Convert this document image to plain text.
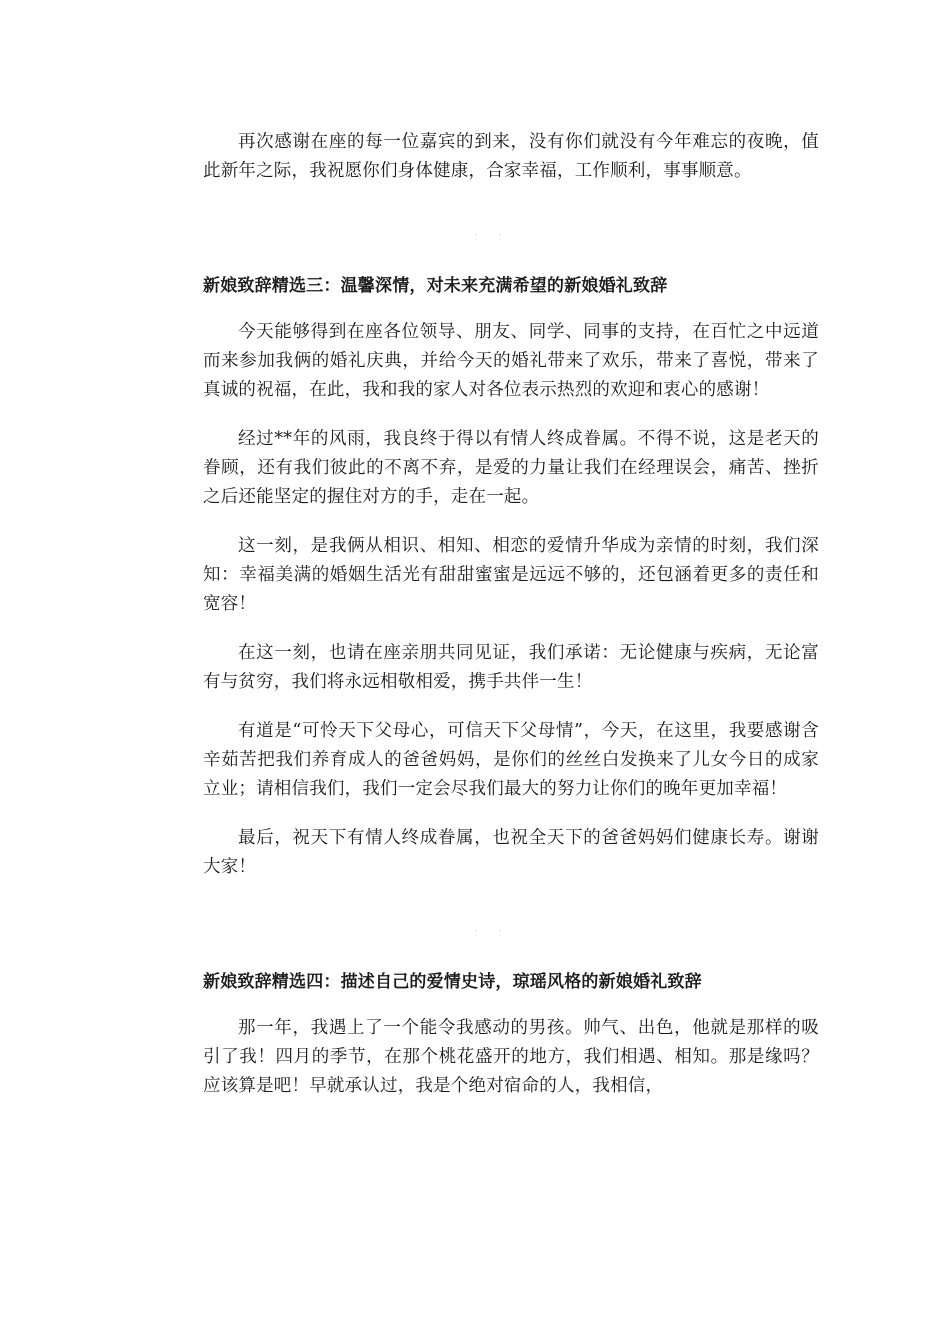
再次感谢在座的每一位嘉宾的到来，没有你们就没有今年难忘的夜晚，值此新年之际，我祝愿你们身体健康，合家幸福，工作顺利，事事顺意。

：：
新娘致辞精选三：温馨深情，对未来充满希望的新娘婚礼致辞

今天能够得到在座各位领导、朋友、同学、同事的支持，在百忙之中远道而来参加我俩的婚礼庆典，并给今天的婚礼带来了欢乐，带来了喜悦，带来了真诚的祝福，在此，我和我的家人对各位表示热烈的欢迎和衷心的感谢！

经过**年的风雨，我良终于得以有情人终成眷属。不得不说，这是老天的眷顾，还有我们彼此的不离不弃，是爱的力量让我们在经理误会，痛苦、挫折之后还能坚定的握住对方的手，走在一起。

这一刻，是我俩从相识、相知、相恋的爱情升华成为亲情的时刻，我们深知：幸福美满的婚姻生活光有甜甜蜜蜜是远远不够的，还包涵着更多的责任和宽容！

在这一刻，也请在座亲朋共同见证，我们承诺：无论健康与疾病，无论富有与贫穷，我们将永远相敬相爱，携手共伴一生！

有道是“可怜天下父母心，可信天下父母情”，今天，在这里，我要感谢含辛茹苦把我们养育成人的爸爸妈妈，是你们的丝丝白发换来了儿女今日的成家立业；请相信我们，我们一定会尽我们最大的努力让你们的晚年更加幸福！

最后，祝天下有情人终成眷属，也祝全天下的爸爸妈妈们健康长寿。谢谢大家！

：：
新娘致辞精选四：描述自己的爱情史诗，琼瑶风格的新娘婚礼致辞

那一年，我遇上了一个能令我感动的男孩。帅气、出色，他就是那样的吸引了我！四月的季节，在那个桃花盛开的地方，我们相遇、相知。那是缘吗？应该算是吧！早就承认过，我是个绝对宿命的人，我相信，
